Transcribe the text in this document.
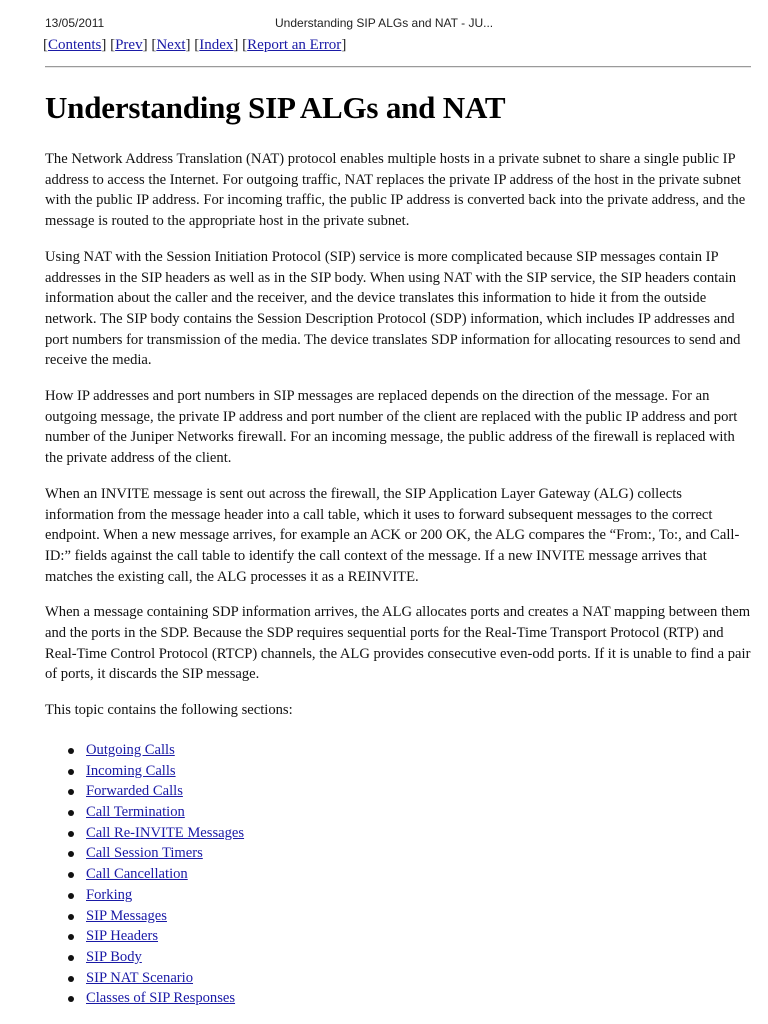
13/05/2011	Understanding SIP ALGs and NAT - JU...
[Contents] [Prev] [Next] [Index] [Report an Error]
Understanding SIP ALGs and NAT

The Network Address Translation (NAT) protocol enables multiple hosts in a private subnet to share a single public IP address to access the Internet. For outgoing traffic, NAT replaces the private IP address of the host in the private subnet with the public IP address. For incoming traffic, the public IP address is converted back into the private address, and the message is routed to the appropriate host in the private subnet.

Using NAT with the Session Initiation Protocol (SIP) service is more complicated because SIP messages contain IP addresses in the SIP headers as well as in the SIP body. When using NAT with the SIP service, the SIP headers contain information about the caller and the receiver, and the device translates this information to hide it from the outside network. The SIP body contains the Session Description Protocol (SDP) information, which includes IP addresses and port numbers for transmission of the media. The device translates SDP information for allocating resources to send and receive the media.

How IP addresses and port numbers in SIP messages are replaced depends on the direction of the message. For an outgoing message, the private IP address and port number of the client are replaced with the public IP address and port number of the Juniper Networks firewall. For an incoming message, the public address of the firewall is replaced with the private address of the client.

When an INVITE message is sent out across the firewall, the SIP Application Layer Gateway (ALG) collects information from the message header into a call table, which it uses to forward subsequent messages to the correct endpoint. When a new message arrives, for example an ACK or 200 OK, the ALG compares the “From:, To:, and Call-ID:” fields against the call table to identify the call context of the message. If a new INVITE message arrives that matches the existing call, the ALG processes it as a REINVITE.

When a message containing SDP information arrives, the ALG allocates ports and creates a NAT mapping between them and the ports in the SDP. Because the SDP requires sequential ports for the Real-Time Transport Protocol (RTP) and Real-Time Control Protocol (RTCP) channels, the ALG provides consecutive even-odd ports. If it is unable to find a pair of ports, it discards the SIP message.

This topic contains the following sections:

Outgoing Calls
Incoming Calls
Forwarded Calls
Call Termination
Call Re-INVITE Messages
Call Session Timers
Call Cancellation
Forking
SIP Messages
SIP Headers
SIP Body
SIP NAT Scenario
Classes of SIP Responses
